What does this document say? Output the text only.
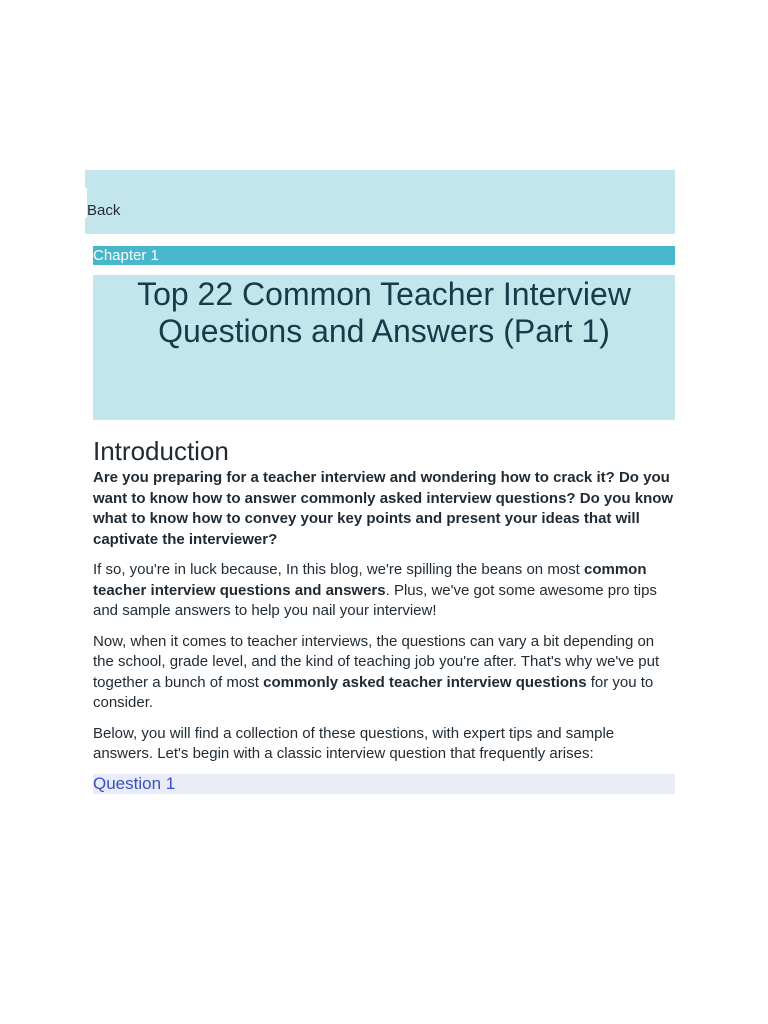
Back
Chapter 1
Top 22 Common Teacher Interview
Questions and Answers (Part 1)
Introduction

Are you preparing for a teacher interview and wondering how to crack it? Do you want to know how to answer commonly asked interview questions? Do you know what to know how to convey your key points and present your ideas that will captivate the interviewer?

If so, you're in luck because, In this blog, we're spilling the beans on most common teacher interview questions and answers. Plus, we've got some awesome pro tips and sample answers to help you nail your interview!

Now, when it comes to teacher interviews, the questions can vary a bit depending on the school, grade level, and the kind of teaching job you're after. That's why we've put together a bunch of most commonly asked teacher interview questions for you to consider.

Below, you will find a collection of these questions, with expert tips and sample answers. Let's begin with a classic interview question that frequently arises:

Question 1
